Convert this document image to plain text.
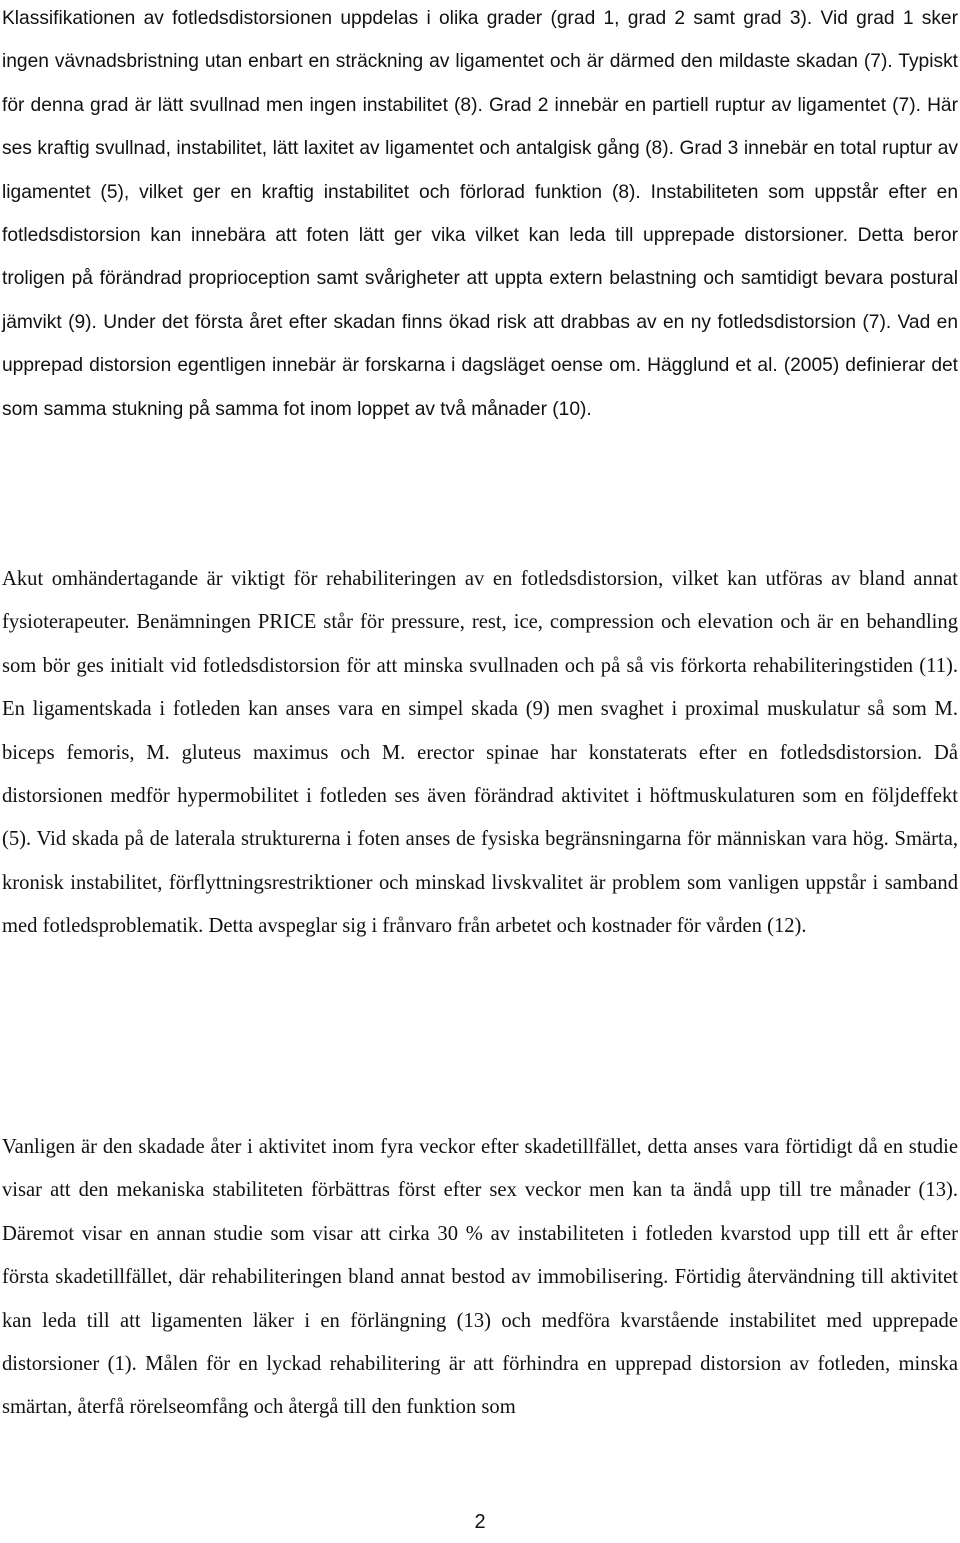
Klassifikationen av fotledsdistorsionen uppdelas i olika grader (grad 1, grad 2 samt grad 3). Vid grad 1 sker ingen vävnadsbristning utan enbart en sträckning av ligamentet och är därmed den mildaste skadan (7). Typiskt för denna grad är lätt svullnad men ingen instabilitet (8). Grad 2 innebär en partiell ruptur av ligamentet (7). Här ses kraftig svullnad, instabilitet, lätt laxitet av ligamentet och antalgisk gång (8). Grad 3 innebär en total ruptur av ligamentet (5), vilket ger en kraftig instabilitet och förlorad funktion (8). Instabiliteten som uppstår efter en fotledsdistorsion kan innebära att foten lätt ger vika vilket kan leda till upprepade distorsioner. Detta beror troligen på förändrad proprioception samt svårigheter att uppta extern belastning och samtidigt bevara postural jämvikt (9). Under det första året efter skadan finns ökad risk att drabbas av en ny fotledsdistorsion (7). Vad en upprepad distorsion egentligen innebär är forskarna i dagsläget oense om. Hägglund et al. (2005) definierar det som samma stukning på samma fot inom loppet av två månader (10).

Akut omhändertagande är viktigt för rehabiliteringen av en fotledsdistorsion, vilket kan utföras av bland annat fysioterapeuter. Benämningen PRICE står för pressure, rest, ice, compression och elevation och är en behandling som bör ges initialt vid fotledsdistorsion för att minska svullnaden och på så vis förkorta rehabiliteringstiden (11). En ligamentskada i fotleden kan anses vara en simpel skada (9) men svaghet i proximal muskulatur så som M. biceps femoris, M. gluteus maximus och M. erector spinae har konstaterats efter en fotledsdistorsion. Då distorsionen medför hypermobilitet i fotleden ses även förändrad aktivitet i höftmuskulaturen som en följdeffekt (5). Vid skada på de laterala strukturerna i foten anses de fysiska begränsningarna för människan vara hög. Smärta, kronisk instabilitet, förflyttningsrestriktioner och minskad livskvalitet är problem som vanligen uppstår i samband med fotledsproblematik. Detta avspeglar sig i frånvaro från arbetet och kostnader för vården (12).

Vanligen är den skadade åter i aktivitet inom fyra veckor efter skadetillfället, detta anses vara förtidigt då en studie visar att den mekaniska stabiliteten förbättras först efter sex veckor men kan ta ändå upp till tre månader (13). Däremot visar en annan studie som visar att cirka 30 % av instabiliteten i fotleden kvarstod upp till ett år efter första skadetillfället, där rehabiliteringen bland annat bestod av immobilisering. Förtidig återvändning till aktivitet kan leda till att ligamenten läker i en förlängning (13) och medföra kvarstående instabilitet med upprepade distorsioner (1). Målen för en lyckad rehabilitering är att förhindra en upprepad distorsion av fotleden, minska smärtan, återfå rörelseomfång och återgå till den funktion som

2
